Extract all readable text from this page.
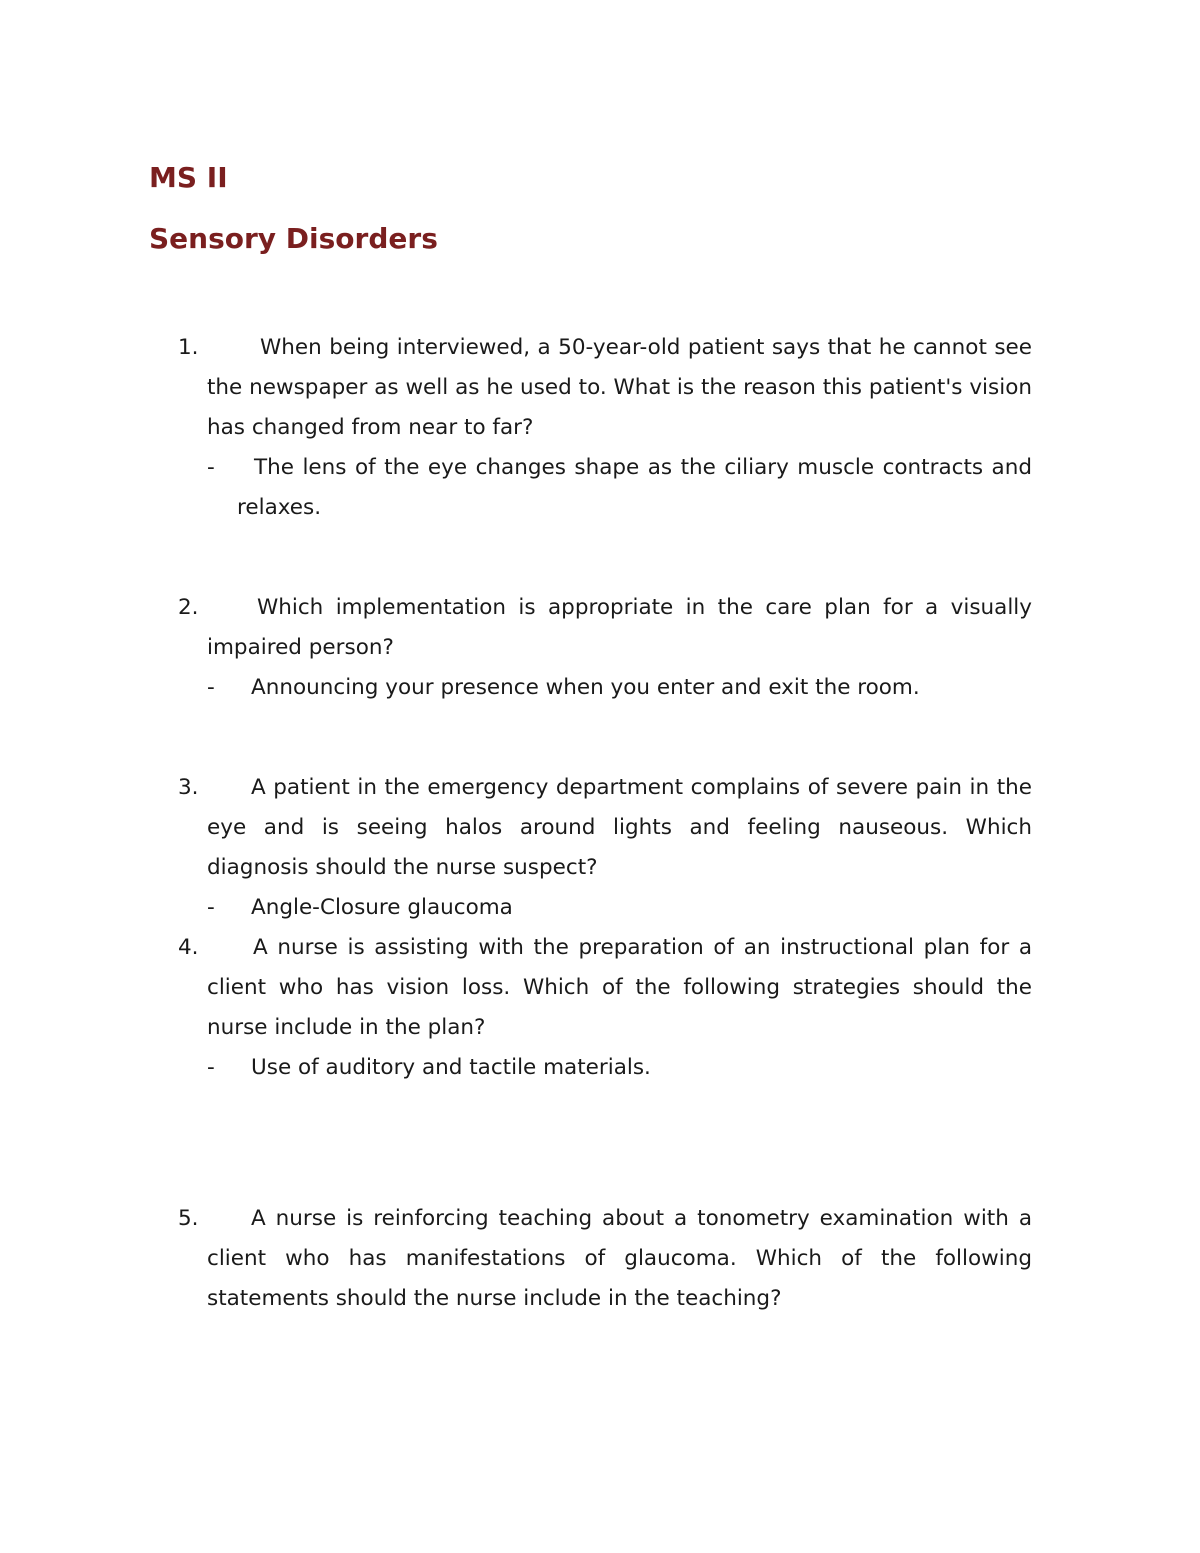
MS II
Sensory Disorders
1.	When being interviewed, a 50-year-old patient says that he cannot see the newspaper as well as he used to. What is the reason this patient's vision has changed from near to far?

-	The lens of the eye changes shape as the ciliary muscle contracts and relaxes.

2.	Which implementation is appropriate in the care plan for a visually impaired person?

- Announcing your presence when you enter and exit the room.

3.	A patient in the emergency department complains of severe pain in the eye and is seeing halos around lights and feeling nauseous. Which diagnosis should the nurse suspect?

- Angle-Closure glaucoma

4.	A nurse is assisting with the preparation of an instructional plan for a client who has vision loss. Which of the following strategies should the nurse include in the plan?

- Use of auditory and tactile materials.

5.	A nurse is reinforcing teaching about a tonometry examination with a client who has manifestations of glaucoma. Which of the following statements should the nurse include in the teaching?
